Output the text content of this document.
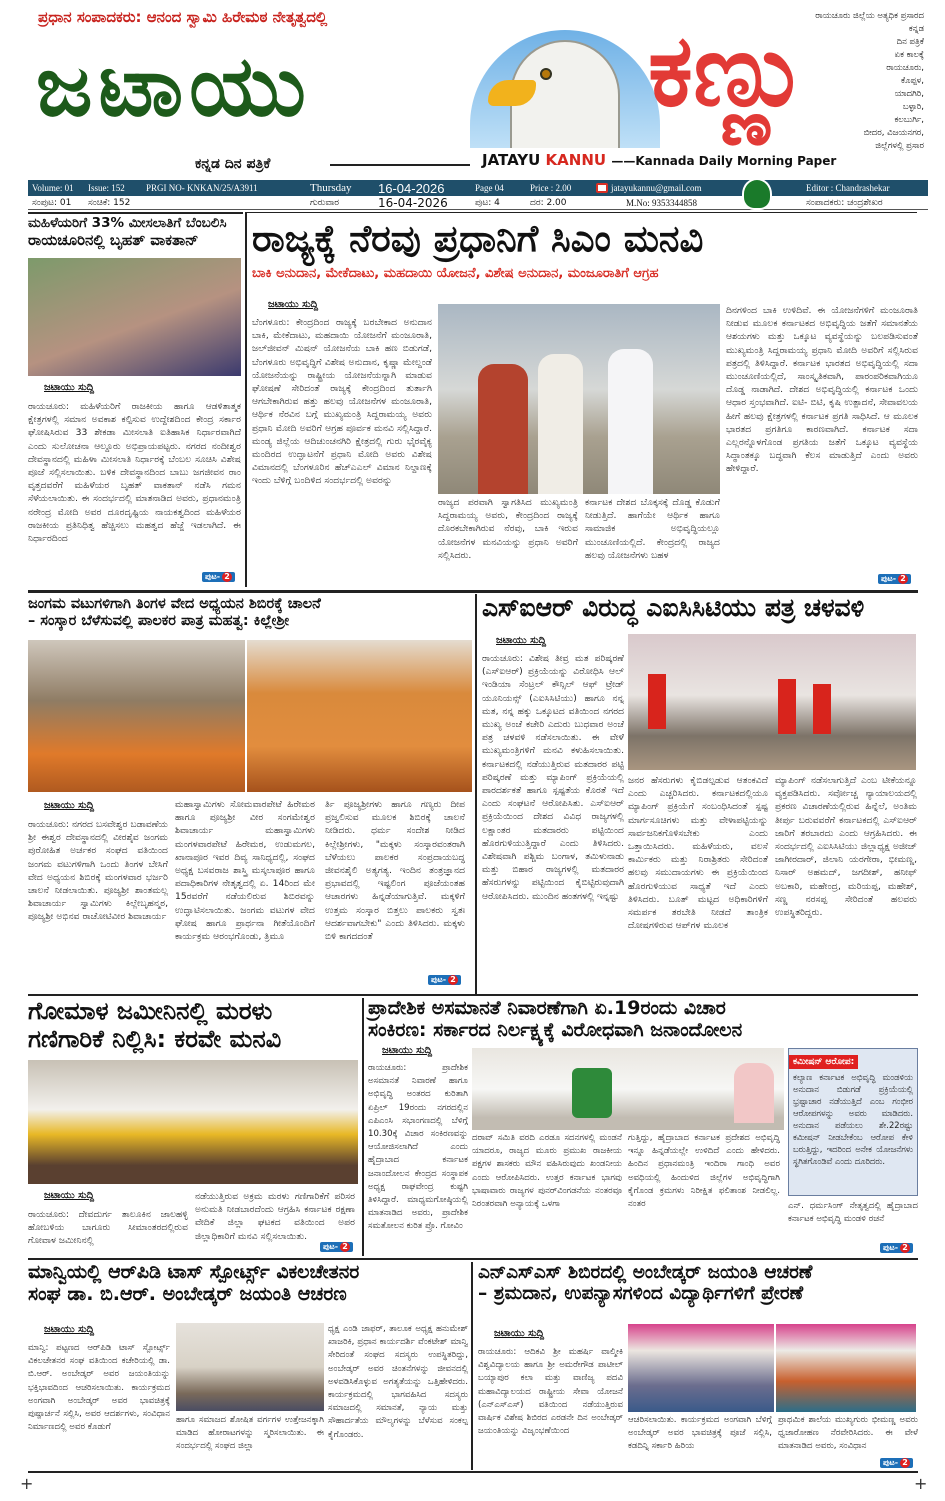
ಪ್ರಧಾನ ಸಂಪಾದಕರು: ಆನಂದ ಸ್ವಾಮಿ ಹಿರೇಮಠ ನೇತೃತ್ವದಲ್ಲಿ
ಜಟಾಯು
ಕನ್ನಡ ದಿನ ಪತ್ರಿಕೆ
ಕಣ್ಣು
JATAYU KANNU ——Kannada Daily Morning Paper
ರಾಯಚೂರು ಜಿಲ್ಲೆಯ ಅತ್ಯಧಿಕ ಪ್ರಸಾರದ
ಕನ್ನಡ
ದಿನ ಪತ್ರಿಕೆ
ಏಕ ಕಾಲಕ್ಕೆ
ರಾಯಚೂರು,
ಕೊಪ್ಪಳ,
ಯಾದಗಿರಿ,
ಬಳ್ಳಾರಿ,
ಕಲಬುರ್ಗಿ,
ಬೀದರ, ವಿಜಯನಗರ,
ಜಿಲ್ಲೆಗಳಲ್ಲಿ ಪ್ರಸಾರ
Volume: 01 Issue: 152 PRGI NO- KNKAN/25/A3911	Thursday 16-04-2026	Page 04	Price : 2.00	jatayukannu@gmail.com	Editor : Chandrashekar
ಸಂಪುಟ: 01 ಸಂಚಿಕೆ: 152	ಗುರುವಾರ	16-04-2026	ಪುಟ: 4	ದರ: 2.00	M.No: 9353344858	ಸಂಪಾದಕರು: ಚಂದ್ರಶೇಖರ
ಮಹಿಳೆಯರಿಗೆ 33% ಮೀಸಲಾತಿಗೆ ಬೆಂಬಲಿಸಿ
ರಾಯಚೂರಿನಲ್ಲಿ ಬೃಹತ್ ವಾಕತಾನ್
ಜಟಾಯು ಸುದ್ದಿ
ರಾಯಚೂರು: ಮಹಿಳೆಯರಿಗೆ ರಾಜಕೀಯ ಹಾಗೂ ಆಡಳಿತಾತ್ಮಕ ಕ್ಷೇತ್ರಗಳಲ್ಲಿ ಸಮಾನ ಅವಕಾಶ ಕಲ್ಪಿಸುವ ಉದ್ದೇಶದಿಂದ ಕೇಂದ್ರ ಸರ್ಕಾರ ಘೋಷಿಸಿರುವ 33 ಶೇಕಡಾ ಮೀಸಲಾತಿ ಐತಿಹಾಸಿಕ ನಿರ್ಧಾರವಾಗಿದೆ ಎಂದು ಸುಲೋಚನಾ ಆಲ್ದೂರು ಅಭಿಪ್ರಾಯಪಟ್ಟರು. ನಗರದ ನಂದೀಶ್ವರ ದೇವಸ್ಥಾನದಲ್ಲಿ ಮಹಿಳಾ ಮೀಸಲಾತಿ ನಿರ್ಧಾರಕ್ಕೆ ಬೆಂಬಲ ಸೂಚಿಸಿ ವಿಶೇಷ ಪೂಜೆ ಸಲ್ಲಿಸಲಾಯಿತು. ಬಳಿಕ ದೇವಸ್ಥಾನದಿಂದ ಬಾಬು ಜಗಜೀವನ ರಾಂ ವೃತ್ತದವರೆಗೆ ಮಹಿಳೆಯರ ಬೃಹತ್ ವಾಕತಾನ್ ನಡೆಸಿ ಗಮನ ಸೆಳೆಯಲಾಯಿತು. ಈ ಸಂದರ್ಭದಲ್ಲಿ ಮಾತನಾಡಿದ ಅವರು, ಪ್ರಧಾನಮಂತ್ರಿ ನರೇಂದ್ರ ಮೋದಿ ಅವರ ದೂರದೃಷ್ಟಿಯ ನಾಯಕತ್ವದಿಂದ ಮಹಿಳೆಯರ ರಾಜಕೀಯ ಪ್ರತಿನಿಧಿತ್ವ ಹೆಚ್ಚಿಸಲು ಮಹತ್ವದ ಹೆಜ್ಜೆ ಇಡಲಾಗಿದೆ. ಈ ನಿರ್ಧಾರದಿಂದ
ಪುಟ- 2
ರಾಜ್ಯಕ್ಕೆ ನೆರವು ಪ್ರಧಾನಿಗೆ ಸಿಎಂ ಮನವಿ
ಬಾಕಿ ಅನುದಾನ, ಮೇಕೆದಾಟು, ಮಹದಾಯಿ ಯೋಜನೆ, ವಿಶೇಷ ಅನುದಾನ, ಮಂಜೂರಾತಿಗೆ ಆಗ್ರಹ
ಜಟಾಯು ಸುದ್ದಿ
ಬೆಂಗಳೂರು: ಕೇಂದ್ರದಿಂದ ರಾಜ್ಯಕ್ಕೆ ಬರಬೇಕಾದ ಅನುದಾನ ಬಾಕಿ, ಮೇಕೆದಾಟು, ಮಹದಾಯಿ ಯೋಜನೆಗೆ ಮಂಜೂರಾತಿ, ಜಲ್‌ಜೀವನ್ ಮಿಷನ್ ಯೋಜನೆಯ ಬಾಕಿ ಹಣ ಬಿಡುಗಡೆ, ಬೆಂಗಳೂರು ಅಭಿವೃದ್ಧಿಗೆ ವಿಶೇಷ ಅನುದಾನ, ಕೃಷ್ಣಾ ಮೇಲ್ದಂಡೆ ಯೋಜನೆಯನ್ನು ರಾಷ್ಟ್ರೀಯ ಯೋಜನೆಯನ್ನಾಗಿ ಮಾಡುವ ಘೋಷಣೆ ಸೇರಿದಂತೆ ರಾಜ್ಯಕ್ಕೆ ಕೇಂದ್ರದಿಂದ ತುರ್ತಾಗಿ ಆಗಬೇಕಾಗಿರುವ ಹತ್ತು ಹಲವು ಯೋಜನೆಗಳ ಮಂಜೂರಾತಿ, ಆರ್ಥಿಕ ನೆರವಿನ ಬಗ್ಗೆ ಮುಖ್ಯಮಂತ್ರಿ ಸಿದ್ದರಾಮಯ್ಯ ಅವರು ಪ್ರಧಾನಿ ಮೋದಿ ಅವರಿಗೆ ಆಗ್ರಹ ಪೂರ್ವಕ ಮನವಿ ಸಲ್ಲಿಸಿದ್ದಾರೆ. ಮಂಡ್ಯ ಜಿಲ್ಲೆಯ ಆದಿಚುಂಚನಗಿರಿ ಕ್ಷೇತ್ರದಲ್ಲಿ ಗುರು ಭೈರವೈಕ್ಯ ಮಂದಿರದ ಉದ್ಘಾಟನೆಗೆ ಪ್ರಧಾನಿ ಮೋದಿ ಅವರು ವಿಶೇಷ ವಿಮಾನದಲ್ಲಿ ಬೆಂಗಳೂರಿನ ಹೆಚ್‌ಎಎಲ್ ವಿಮಾನ ನಿಲ್ದಾಣಕ್ಕೆ ಇಂದು ಬೆಳಿಗ್ಗೆ ಬಂದಿಳಿದ ಸಂದರ್ಭದಲ್ಲಿ ಅವರನ್ನು
ರಾಜ್ಯದ ಪರವಾಗಿ ಸ್ವಾಗತಿಸಿದ ಮುಖ್ಯಮಂತ್ರಿ ಸಿದ್ದರಾಮಯ್ಯ ಅವರು, ಕೇಂದ್ರದಿಂದ ರಾಜ್ಯಕ್ಕೆ ದೊರಕಬೇಕಾಗಿರುವ ನೆರವು, ಬಾಕಿ ಇರುವ ಯೋಜನೆಗಳ ಮನವಿಯನ್ನು ಪ್ರಧಾನಿ ಅವರಿಗೆ ಸಲ್ಲಿಸಿದರು.
ಕರ್ನಾಟಕ ದೇಶದ ಬೊಕ್ಕಸಕ್ಕೆ ದೊಡ್ಡ ಕೊಡುಗೆ ನೀಡುತ್ತಿದೆ. ಹಾಗೆಯೇ ಆರ್ಥಿಕ ಹಾಗೂ ಸಾಮಾಜಿಕ ಅಭಿವೃದ್ಧಿಯಲ್ಲೂ ಮುಂಚೂಣಿಯಲ್ಲಿದೆ. ಕೇಂದ್ರದಲ್ಲಿ ರಾಜ್ಯದ ಹಲವು ಯೋಜನೆಗಳು ಬಹಳ
ದಿನಗಳಿಂದ ಬಾಕಿ ಉಳಿದಿವೆ. ಈ ಯೋಜನೆಗಳಿಗೆ ಮಂಜೂರಾತಿ ನೀಡುವ ಮೂಲಕ ಕರ್ನಾಟಕದ ಅಭಿವೃದ್ಧಿಯ ಜತೆಗೆ ಸಮಾನತೆಯ ಆಶಯಗಳು ಮತ್ತು ಒಕ್ಕೂಟ ವ್ಯವಸ್ಥೆಯನ್ನು ಬಲಪಡಿಸುವಂತೆ ಮುಖ್ಯಮಂತ್ರಿ ಸಿದ್ದರಾಮಯ್ಯ ಪ್ರಧಾನಿ ಮೋದಿ ಅವರಿಗೆ ಸಲ್ಲಿಸಿರುವ ಪತ್ರದಲ್ಲಿ ತಿಳಿಸಿದ್ದಾರೆ. ಕರ್ನಾಟಕ ಭಾರತದ ಅಭಿವೃದ್ಧಿಯಲ್ಲಿ ಸದಾ ಮುಂಚೂಣಿಯಲ್ಲಿದೆ, ಸಾಂಸ್ಕೃತಿಕವಾಗಿ, ಪಾರಂಪರಿಕವಾಗಿಯೂ ದೊಡ್ಡ ನಾಡಾಗಿದೆ. ದೇಶದ ಅಭಿವೃದ್ಧಿಯಲ್ಲಿ ಕರ್ನಾಟಕ ಒಂದು ಆಧಾರ ಸ್ತಂಭವಾಗಿದೆ. ಐಟಿ- ಬಿಟಿ, ಕೃಷಿ ಉತ್ಪಾದನೆ, ಸೇವಾವಲಯ ಹೀಗೆ ಹಲವು ಕ್ಷೇತ್ರಗಳಲ್ಲಿ ಕರ್ನಾಟಕ ಪ್ರಗತಿ ಸಾಧಿಸಿದೆ. ಆ ಮೂಲಕ ಭಾರತದ ಪ್ರಗತಿಗೂ ಕಾರಣವಾಗಿದೆ. ಕರ್ನಾಟಕ ಸದಾ ಎಲ್ಲರನ್ನೊಳಗೊಂಡ ಪ್ರಗತಿಯ ಜತೆಗೆ ಒಕ್ಕೂಟ ವ್ಯವಸ್ಥೆಯ ಸಿದ್ಧಾಂತಕ್ಕೂ ಬದ್ಧವಾಗಿ ಕೆಲಸ ಮಾಡುತ್ತಿದೆ ಎಂದು ಅವರು ಹೇಳಿದ್ದಾರೆ.
ಪುಟ- 2
ಜಂಗಮ ವಟುಗಳಿಗಾಗಿ ತಿಂಗಳ ವೇದ ಅಧ್ಯಯನ ಶಿಬಿರಕ್ಕೆ ಚಾಲನೆ
– ಸಂಸ್ಕಾರ ಬೆಳೆಸುವಲ್ಲಿ ಪಾಲಕರ ಪಾತ್ರ ಮಹತ್ವ: ಕಿಲ್ಲೇಶ್ರೀ
ಜಟಾಯು ಸುದ್ದಿ
ರಾಯಚೂರು: ನಗರದ ಬಸವೇಶ್ವರ ಬಡಾವಣೆಯ ಶ್ರೀ ಈಶ್ವರ ದೇವಸ್ಥಾನದಲ್ಲಿ ವೀರಶೈವ ಜಂಗಮ ಪುರೋಹಿತ ಅರ್ಚಕರ ಸಂಘದ ವತಿಯಿಂದ ಜಂಗಮ ವಟುಗಳಿಗಾಗಿ ಒಂದು ತಿಂಗಳ ಬೇಸಿಗೆ ವೇದ ಅಧ್ಯಯನ ಶಿಬಿರಕ್ಕೆ ಮಂಗಳವಾರ ಭರ್ಜರಿ ಚಾಲನೆ ನೀಡಲಾಯಿತು. ಪೂಜ್ಯಶ್ರೀ ಶಾಂತಮಲ್ಲ ಶಿವಾಚಾರ್ಯ ಸ್ವಾಮಿಗಳು ಕಿಲ್ಲೇಬೃಹನ್ಮಠ, ಪೂಜ್ಯಶ್ರೀ ಅಭಿನವ ರಾಚೋಟಿವೀರ ಶಿವಾಚಾರ್ಯ
ಮಹಾಸ್ವಾಮಿಗಳು ಸೋಮವಾರಪೇಟೆ ಹಿರೇಮಠ ಹಾಗೂ ಪೂಜ್ಯಶ್ರೀ ವೀರ ಸಂಗಮೇಶ್ವರ ಶಿವಾಚಾರ್ಯ ಮಹಾಸ್ವಾಮಿಗಳು ಮಂಗಳವಾರಪೇಟೆ ಹಿರೇಮಠ, ಉಡುಮಗಲ, ಖಾನಾಪೂರ ಇವರ ದಿವ್ಯ ಸಾನಿಧ್ಯದಲ್ಲಿ, ಸಂಘದ ಅಧ್ಯಕ್ಷ ಬಸವರಾಜ ಶಾಸ್ತ್ರಿ ಮಸ್ಕಲಾಪೂರ ಹಾಗೂ ಪದಾಧಿಕಾರಿಗಳ ನೇತೃತ್ವದಲ್ಲಿ ಏ. 14ರಿಂದ ಮೇ 15ರವರೆಗೆ ನಡೆಯಲಿರುವ ಶಿಬಿರವನ್ನು ಉದ್ಘಾಟಿಸಲಾಯಿತು. ಜಂಗಮ ವಟುಗಳ ವೇದ ಘೋಷ ಹಾಗೂ ಪ್ರಾರ್ಥನಾ ಗೀತೆಯೊಂದಿಗೆ ಕಾರ್ಯಕ್ರಮ ಆರಂಭಗೊಂಡು, ತ್ರಿಮೂ
ರ್ತಿ ಪೂಜ್ಯಶ್ರೀಗಳು ಹಾಗೂ ಗಣ್ಯರು ದೀಪ ಪ್ರಜ್ವಲಿಸುವ ಮೂಲಕ ಶಿಬಿರಕ್ಕೆ ಚಾಲನೆ ನೀಡಿದರು. ಧರ್ಮ ಸಂದೇಶ ನೀಡಿದ ಕಿಲ್ಲೇಶ್ರೀಗಳು, "ಮಕ್ಕಳು ಸಂಸ್ಕಾರವಂತರಾಗಿ ಬೆಳೆಯಲು ಪಾಲಕರ ಸಂಪ್ರದಾಯಬದ್ಧ ಜೀವನಶೈಲಿ ಅತ್ಯಗತ್ಯ. ಇಂದಿನ ತಂತ್ರಜ್ಞಾನದ ಪ್ರಭಾವದಲ್ಲಿ ಇಷ್ಟಲಿಂಗ ಪೂಜೆಯಂತಹ ಆಚಾರಗಳು ಹಿನ್ನಡೆಯಾಗುತ್ತಿವೆ. ಮಕ್ಕಳಿಗೆ ಉತ್ತಮ ಸಂಸ್ಕಾರ ಬಿತ್ತಲು ಪಾಲಕರು ಸ್ವತಃ ಆದರ್ಶವಾಗಬೇಕು" ಎಂದು ತಿಳಿಸಿದರು. ಮಕ್ಕಳು ಬಿಳಿ ಕಾಗದದಂತೆ
ಪುಟ- 2
ಎಸ್‌ಐಆರ್ ವಿರುದ್ಧ ಎಐಸಿಸಿಟಿಯು ಪತ್ರ ಚಳವಳಿ
ಜಟಾಯು ಸುದ್ದಿ
ರಾಯಚೂರು: ವಿಶೇಷ ತೀವ್ರ ಮತ ಪರಿಷ್ಕರಣೆ (ಎಸ್‌ಐಆರ್) ಪ್ರಕ್ರಿಯೆಯನ್ನು ವಿರೋಧಿಸಿ ಆಲ್ ಇಂಡಿಯಾ ಸೆಂಟ್ರಲ್ ಕೌನ್ಸಿಲ್ ಆಫ್ ಟ್ರೇಡ್ ಯೂನಿಯನ್ಸ್ (ಎಐಸಿಸಿಟಿಯು) ಹಾಗೂ ನನ್ನ ಮತ, ನನ್ನ ಹಕ್ಕು ಒಕ್ಕೂಟದ ವತಿಯಿಂದ ನಗರದ ಮುಖ್ಯ ಅಂಚೆ ಕಚೇರಿ ಎದುರು ಬುಧವಾರ ಅಂಚೆ ಪತ್ರ ಚಳವಳಿ ನಡೆಸಲಾಯಿತು. ಈ ವೇಳೆ ಮುಖ್ಯಮಂತ್ರಿಗಳಿಗೆ ಮನವಿ ಕಳುಹಿಸಲಾಯಿತು. ಕರ್ನಾಟಕದಲ್ಲಿ ನಡೆಯುತ್ತಿರುವ ಮತದಾರರ ಪಟ್ಟಿ ಪರಿಷ್ಕರಣೆ ಮತ್ತು ಮ್ಯಾಪಿಂಗ್ ಪ್ರಕ್ರಿಯೆಯಲ್ಲಿ ಪಾರದರ್ಶಕತೆ ಹಾಗೂ ಸ್ಪಷ್ಟತೆಯ ಕೊರತೆ ಇದೆ ಎಂದು ಸಂಘಟನೆ ಆರೋಪಿಸಿತು. ಎಸ್‌ಐಆರ್ ಪ್ರಕ್ರಿಯೆಯಿಂದ ದೇಶದ ವಿವಿಧ ರಾಜ್ಯಗಳಲ್ಲಿ ಲಕ್ಷಾಂತರ ಮತದಾರರು ಪಟ್ಟಿಯಿಂದ ಹೊರಗುಳಿಯುತ್ತಿದ್ದಾರೆ ಎಂದು ತಿಳಿಸಿದರು. ವಿಶೇಷವಾಗಿ ಪಶ್ಚಿಮ ಬಂಗಾಳ, ತಮಿಳುನಾಡು ಮತ್ತು ಬಿಹಾರ ರಾಜ್ಯಗಳಲ್ಲಿ ಮತದಾರರ ಹೆಸರುಗಳನ್ನು ಪಟ್ಟಿಯಿಂದ ಕೈಬಿಟ್ಟಿರುವುದಾಗಿ ಆರೋಪಿಸಿದರು. ಮುಂದಿನ ಹಂತಗಳಲ್ಲಿ ಇನ್ನಷ್ಟು
ಜನರ ಹೆಸರುಗಳು ಕೈಬಿಡಲ್ಪಡುವ ಆತಂಕವಿದೆ ಎಂದು ಎಚ್ಚರಿಸಿದರು. ಕರ್ನಾಟಕದಲ್ಲಿಯೂ ಮ್ಯಾಪಿಂಗ್ ಪ್ರಕ್ರಿಯೆಗೆ ಸಂಬಂಧಿಸಿದಂತೆ ಸ್ಪಷ್ಟ ಮಾರ್ಗಸೂಚಿಗಳು ಮತ್ತು ವೇಳಾಪಟ್ಟಿಯನ್ನು ಸಾರ್ವಜನಿಕಗೊಳಿಸಬೇಕು ಎಂದು ಒತ್ತಾಯಿಸಿದರು. ಮಹಿಳೆಯರು, ವಲಸೆ ಕಾರ್ಮಿಕರು ಮತ್ತು ನಿರಾಶ್ರಿತರು ಸೇರಿದಂತೆ ಹಲವು ಸಮುದಾಯಗಳು ಈ ಪ್ರಕ್ರಿಯೆಯಿಂದ ಹೊರಗುಳಿಯುವ ಸಾಧ್ಯತೆ ಇದೆ ಎಂದು ತಿಳಿಸಿದರು. ಬೂತ್ ಮಟ್ಟದ ಅಧಿಕಾರಿಗಳಿಗೆ ಸಮರ್ಪಕ ತರಬೇತಿ ನೀಡದೆ ತಾಂತ್ರಿಕ ದೋಷಗಳಿರುವ ಆಪ್‌ಗಳ ಮೂಲಕ
ಮ್ಯಾಪಿಂಗ್ ನಡೆಸಲಾಗುತ್ತಿದೆ ಎಂಬ ಟೀಕೆಯನ್ನೂ ವ್ಯಕ್ತಪಡಿಸಿದರು. ಸರ್ವೋಚ್ಚ ನ್ಯಾಯಾಲಯದಲ್ಲಿ ಪ್ರಕರಣ ವಿಚಾರಣೆಯಲ್ಲಿರುವ ಹಿನ್ನೆಲೆ, ಅಂತಿಮ ತೀರ್ಪು ಬರುವವರೆಗೆ ಕರ್ನಾಟಕದಲ್ಲಿ ಎಸ್‌ಐಆರ್ ಜಾರಿಗೆ ತರಬಾರದು ಎಂದು ಆಗ್ರಹಿಸಿದರು. ಈ ಸಂದರ್ಭದಲ್ಲಿ ಎಐಸಿಸಿಟಿಯು ಜಿಲ್ಲಾಧ್ಯಕ್ಷ ಅಜೀಜ್ ಜಾಗೀರದಾರ್, ಜಿಲಾನಿ ಯರಗೇರಾ, ಭೀಮಣ್ಣ, ನಿಸಾರ್ ಅಹಮದ್, ಜಗದೀಶ್, ಹನೀಫ್ ಅಬಕಾರಿ, ಮಹೇಂದ್ರ, ಮರಿಯಪ್ಪ, ಮಹೇಶ್, ಸಣ್ಣ ನರಸಪ್ಪ ಸೇರಿದಂತೆ ಹಲವರು ಉಪಸ್ಥಿತರಿದ್ದರು.
ಗೋಮಾಳ ಜಮೀನಿನಲ್ಲಿ ಮರಳು
ಗಣಿಗಾರಿಕೆ ನಿಲ್ಲಿಸಿ: ಕರವೇ ಮನವಿ
ಜಟಾಯು ಸುದ್ದಿ
ರಾಯಚೂರು: ದೇವದುರ್ಗ ತಾಲೂಕಿನ ಜಾಲಹಳ್ಳಿ ಹೋಬಳಿಯ ಬಾಗೂರು ಸೀಮಾಂತರದಲ್ಲಿರುವ ಗೋವಾಳ ಜಮೀನಿನಲ್ಲಿ
ನಡೆಯುತ್ತಿರುವ ಅಕ್ರಮ ಮರಳು ಗಣಿಗಾರಿಕೆಗೆ ಪರಿಸರ ಅನುಮತಿ ನೀಡಬಾರದೆಂದು ಆಗ್ರಹಿಸಿ ಕರ್ನಾಟಕ ರಕ್ಷಣಾ ವೇದಿಕೆ ಜಿಲ್ಲಾ ಘಟಕದ ವತಿಯಿಂದ ಅಪರ ಜಿಲ್ಲಾಧಿಕಾರಿಗೆ ಮನವಿ ಸಲ್ಲಿಸಲಾಯಿತು.
ಪುಟ- 2
ಪ್ರಾದೇಶಿಕ ಅಸಮಾನತೆ ನಿವಾರಣೆಗಾಗಿ ಏ.19ರಂದು ವಿಚಾರ
ಸಂಕಿರಣ: ಸರ್ಕಾರದ ನಿರ್ಲಕ್ಷ್ಯಕ್ಕೆ ವಿರೋಧವಾಗಿ ಜನಾಂದೋಲನ
ಜಟಾಯು ಸುದ್ದಿ
ರಾಯಚೂರು: ಪ್ರಾದೇಶಿಕ ಅಸಮಾನತೆ ನಿವಾರಣೆ ಹಾಗೂ ಅಭಿವೃದ್ಧಿ ಅಂತರದ ಕುರಿತಾಗಿ ಏಪ್ರಿಲ್ 19ರಂದು ನಗರದಲ್ಲಿನ ಎಪಿಎಂಸಿ ಸಭಾಂಗಣದಲ್ಲಿ ಬೆಳಿಗ್ಗೆ 10.30ಕ್ಕೆ ವಿಚಾರ ಸಂಕಿರಣವನ್ನು ಆಯೋಜಿಸಲಾಗಿದೆ ಎಂದು ಹೈದ್ರಾಬಾದ ಕರ್ನಾಟಕ ಜನಾಂದೋಲನ ಕೇಂದ್ರದ ಸಂಸ್ಥಾಪಕ ಅಧ್ಯಕ್ಷ ರಾಘವೇಂದ್ರ ಕುಷ್ಟಗಿ ತಿಳಿಸಿದ್ದಾರೆ. ಮಾಧ್ಯಮಗೋಷ್ಠಿಯಲ್ಲಿ ಮಾತನಾಡಿದ ಅವರು, ಪ್ರಾದೇಶಿಕ ಸಮತೋಲನ ಕುರಿತ ಪ್ರೊ. ಗೋವಿಂ
ದರಾವ್ ಸಮಿತಿ ವರದಿ ಎರಡೂ ಸದನಗಳಲ್ಲಿ ಮಂಡನೆ ಯಾದರೂ, ರಾಜ್ಯದ ಮೂರು ಪ್ರಮುಖ ರಾಜಕೀಯ ಪಕ್ಷಗಳ ಶಾಸಕರು ಮೌನ ವಹಿಸಿರುವುದು ಖಂಡನೀಯ ಎಂದು ಆರೋಪಿಸಿದರು. ಉತ್ತರ ಕರ್ನಾಟಕ ಭಾಗವು ಭಾಷಾವಾರು ರಾಜ್ಯಗಳ ಪುನರ್‌ವಿಂಗಡನೆಯ ನಂತರವೂ ನಿರಂತರವಾಗಿ ಅನ್ಯಾಯಕ್ಕೆ ಒಳಗಾ
ಗುತ್ತಿದ್ದು, ಹೈದ್ರಾಬಾದ ಕರ್ನಾಟಕ ಪ್ರದೇಶದ ಅಭಿವೃದ್ಧಿ ಇನ್ನೂ ಹಿನ್ನಡೆಯಲ್ಲೇ ಉಳಿದಿದೆ ಎಂದು ಹೇಳಿದರು. ಹಿಂದಿನ ಪ್ರಧಾನಮಂತ್ರಿ ಇಂದಿರಾ ಗಾಂಧಿ ಅವರ ಅವಧಿಯಲ್ಲಿ ಹಿಂದುಳಿದ ಜಿಲ್ಲೆಗಳ ಅಭಿವೃದ್ಧಿಗಾಗಿ ಕೈಗೊಂಡ ಕ್ರಮಗಳು ನಿರೀಕ್ಷಿತ ಫಲಿತಾಂಶ ನೀಡಲಿಲ್ಲ. ನಂತರ
ಕಮೀಷನ್ ಆರೋಪ:
ಕಲ್ಯಾಣ ಕರ್ನಾಟಕ ಅಭಿವೃದ್ಧಿ ಮಂಡಳಿಯ ಅನುದಾನ ಬಿಡುಗಡೆ ಪ್ರಕ್ರಿಯೆಯಲ್ಲಿ ಭ್ರಷ್ಟಾಚಾರ ನಡೆಯುತ್ತಿದೆ ಎಂಬ ಗಂಭೀರ ಆರೋಪಗಳನ್ನು ಅವರು ಮಾಡಿದರು. ಅನುದಾನ ಪಡೆಯಲು ಶೇ.22ರಷ್ಟು ಕಮೀಷನ್ ನೀಡಬೇಕೆಂಬ ಆರೋಪ ಕೇಳಿ ಬರುತ್ತಿದ್ದು, ಇದರಿಂದ ಅನೇಕ ಯೋಜನೆಗಳು ಸ್ಥಗಿತಗೊಂಡಿವೆ ಎಂದು ದೂರಿದರು.
ಎನ್. ಧರ್ಮಸಿಂಗ್ ನೇತೃತ್ವದಲ್ಲಿ ಹೈದ್ರಾಬಾದ ಕರ್ನಾಟಕ ಅಭಿವೃದ್ಧಿ ಮಂಡಳಿ ರಚನೆ
ಪುಟ- 2
ಮಾನ್ವಿಯಲ್ಲಿ ಆರ್‌ಪಿಡಿ ಟಾಸ್ ಸ್ಪೋರ್ಟ್ಸ್ ವಿಕಲಚೇತನರ
ಸಂಘ ಡಾ. ಬಿ.ಆರ್. ಅಂಬೇಡ್ಕರ್ ಜಯಂತಿ ಆಚರಣ
ಜಟಾಯು ಸುದ್ದಿ
ಮಾನ್ವಿ: ಪಟ್ಟಣದ ಆರ್‌ಪಿಡಿ ಟಾಸ್ ಸ್ಪೋರ್ಟ್ಸ್ ವಿಕಲಚೇತನರ ಸಂಘ ವತಿಯಿಂದ ಕಚೇರಿಯಲ್ಲಿ ಡಾ. ಬಿ.ಆರ್. ಅಂಬೇಡ್ಕರ್ ಅವರ ಜಯಂತಿಯನ್ನು ಭಕ್ತಿಭಾವದಿಂದ ಆಚರಿಸಲಾಯಿತು. ಕಾರ್ಯಕ್ರಮದ ಅಂಗವಾಗಿ ಅಂಬೇಡ್ಕರ್ ಅವರ ಭಾವಚಿತ್ರಕ್ಕೆ ಪುಷ್ಪಾರ್ಚನೆ ಸಲ್ಲಿಸಿ, ಅವರ ಆದರ್ಶಗಳು, ಸಂವಿಧಾನ ನಿರ್ಮಾಣದಲ್ಲಿ ಅವರ ಕೊಡುಗೆ
ಹಾಗೂ ಸಮಾಜದ ಶೋಷಿತ ವರ್ಗಗಳ ಉತ್ತೇಜನಕ್ಕಾಗಿ ಮಾಡಿದ ಹೋರಾಟಗಳನ್ನು ಸ್ಮರಿಸಲಾಯಿತು. ಈ ಸಂದರ್ಭದಲ್ಲಿ ಸಂಘದ ಜಿಲ್ಲಾ
ಧ್ಯಕ್ಷ ಎಂಡಿ ಜಾಫರ್, ತಾಲೂಕ ಅಧ್ಯಕ್ಷ ಹನುಮೇಶ್ ಖಾಜರಿಕಿ, ಪ್ರಧಾನ ಕಾರ್ಯದರ್ಶಿ ವೆಂಕಟೇಶ್ ಮಾನ್ವಿ ಸೇರಿದಂತೆ ಸಂಘದ ಸದಸ್ಯರು ಉಪಸ್ಥಿತರಿದ್ದು, ಅಂಬೇಡ್ಕರ್ ಅವರ ಚಿಂತನೆಗಳನ್ನು ಜೀವನದಲ್ಲಿ ಅಳವಡಿಸಿಕೊಳ್ಳುವ ಅಗತ್ಯತೆಯನ್ನು ಒತ್ತಿಹೇಳಿದರು. ಕಾರ್ಯಕ್ರಮದಲ್ಲಿ ಭಾಗವಹಿಸಿದ ಸದಸ್ಯರು ಸಮಾಜದಲ್ಲಿ ಸಮಾನತೆ, ನ್ಯಾಯ ಮತ್ತು ಸೌಹಾರ್ದತೆಯ ಮೌಲ್ಯಗಳನ್ನು ಬೆಳೆಸುವ ಸಂಕಲ್ಪ ಕೈಗೊಂಡರು.
ಎನ್‌ಎಸ್‌ಎಸ್ ಶಿಬಿರದಲ್ಲಿ ಅಂಬೇಡ್ಕರ್ ಜಯಂತಿ ಆಚರಣೆ
– ಶ್ರಮದಾನ, ಉಪನ್ಯಾಸಗಳಿಂದ ವಿದ್ಯಾರ್ಥಿಗಳಿಗೆ ಪ್ರೇರಣೆ
ಜಟಾಯು ಸುದ್ದಿ
ರಾಯಚೂರು: ಆದಿಕವಿ ಶ್ರೀ ಮಹರ್ಷಿ ವಾಲ್ಮೀಕಿ ವಿಶ್ವವಿದ್ಯಾಲಯ ಹಾಗೂ ಶ್ರೀ ಅಮರೇಗೌಡ ಪಾಟೀಲ್ ಬಯ್ಯಾಪುರ ಕಲಾ ಮತ್ತು ವಾಣಿಜ್ಯ ಪದವಿ ಮಹಾವಿದ್ಯಾಲಯದ ರಾಷ್ಟ್ರೀಯ ಸೇವಾ ಯೋಜನೆ (ಎನ್‌ಎಸ್‌ಎಸ್) ವತಿಯಿಂದ ನಡೆಯುತ್ತಿರುವ ವಾರ್ಷಿಕ ವಿಶೇಷ ಶಿಬಿರದ ಎರಡನೇ ದಿನ ಅಂಬೇಡ್ಕರ್ ಜಯಂತಿಯನ್ನು ವಿಜೃಂಭಣೆಯಿಂದ
ಆಚರಿಸಲಾಯಿತು. ಕಾರ್ಯಕ್ರಮದ ಅಂಗವಾಗಿ ಬೆಳಿಗ್ಗೆ ಅಂಬೇಡ್ಕರ್ ಅವರ ಭಾವಚಿತ್ರಕ್ಕೆ ಪೂಜೆ ಸಲ್ಲಿಸಿ, ಕಡದಿನ್ನಿ ಸರ್ಕಾರಿ ಹಿರಿಯ
ಪ್ರಾಥಮಿಕ ಶಾಲೆಯ ಮುಖ್ಯಗುರು ಭೀಮಣ್ಣ ಅವರು ಧ್ವಜಾರೋಹಣ ನೆರವೇರಿಸಿದರು. ಈ ವೇಳೆ ಮಾತನಾಡಿದ ಅವರು, ಸಂವಿಧಾನ
ಪುಟ- 2
+	+
